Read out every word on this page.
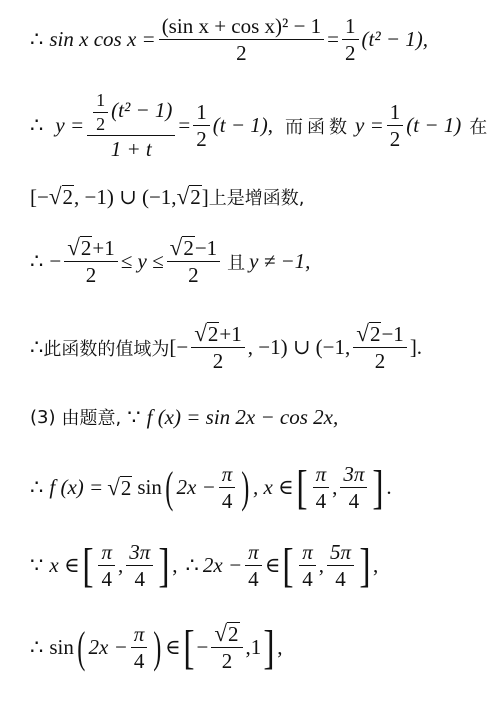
∴ sin x $\cos x = \frac{\text{(sin x + cos x)² − 1}}{2} = \frac{1}{2} (t^2 - 1)$,
∴ $y = \frac{\frac{1}{2} (t^2 - 1)}{1 + t} = \frac{1}{2} (t - 1)$ , 而函数 $y = \frac{1}{2} (t - 1)$ 在
[− √ 2 , −1) ∪ (−1, √ 2 ] 上是增函数,
∴ − $\frac{√ 2 +1}{2} \le y \le \frac{√ 2 -1}{2}$ 且 y ≠ −1,
∴ 此函数的值域为 [− $\frac{√ 2 +1}{2}$ , −1) ∪ (−1, $\frac{√ 2 -1}{2}$ ].
(3) 由题意, ∵ f (x) = sin 2x − cos 2x,
∴ f (x) = √ 2 sin ( $2x - \frac{\pi}{4}$ ) , x ∈ [ $\frac{\pi}{4}$ , $\frac{3\pi}{4}$ ] .
∵ x ∈ [ $\frac{\pi}{4}$ , $\frac{3\pi}{4}$ ] , ∴ $2x - \frac{\pi}{4}$ ∈ [ $\frac{\pi}{4}$ , $\frac{5\pi}{4}$ ] ,
∴ sin ( $2x - \frac{\pi}{4}$ ) ∈ [ − $\frac{√ 2}{2}$ , 1 ] ,
